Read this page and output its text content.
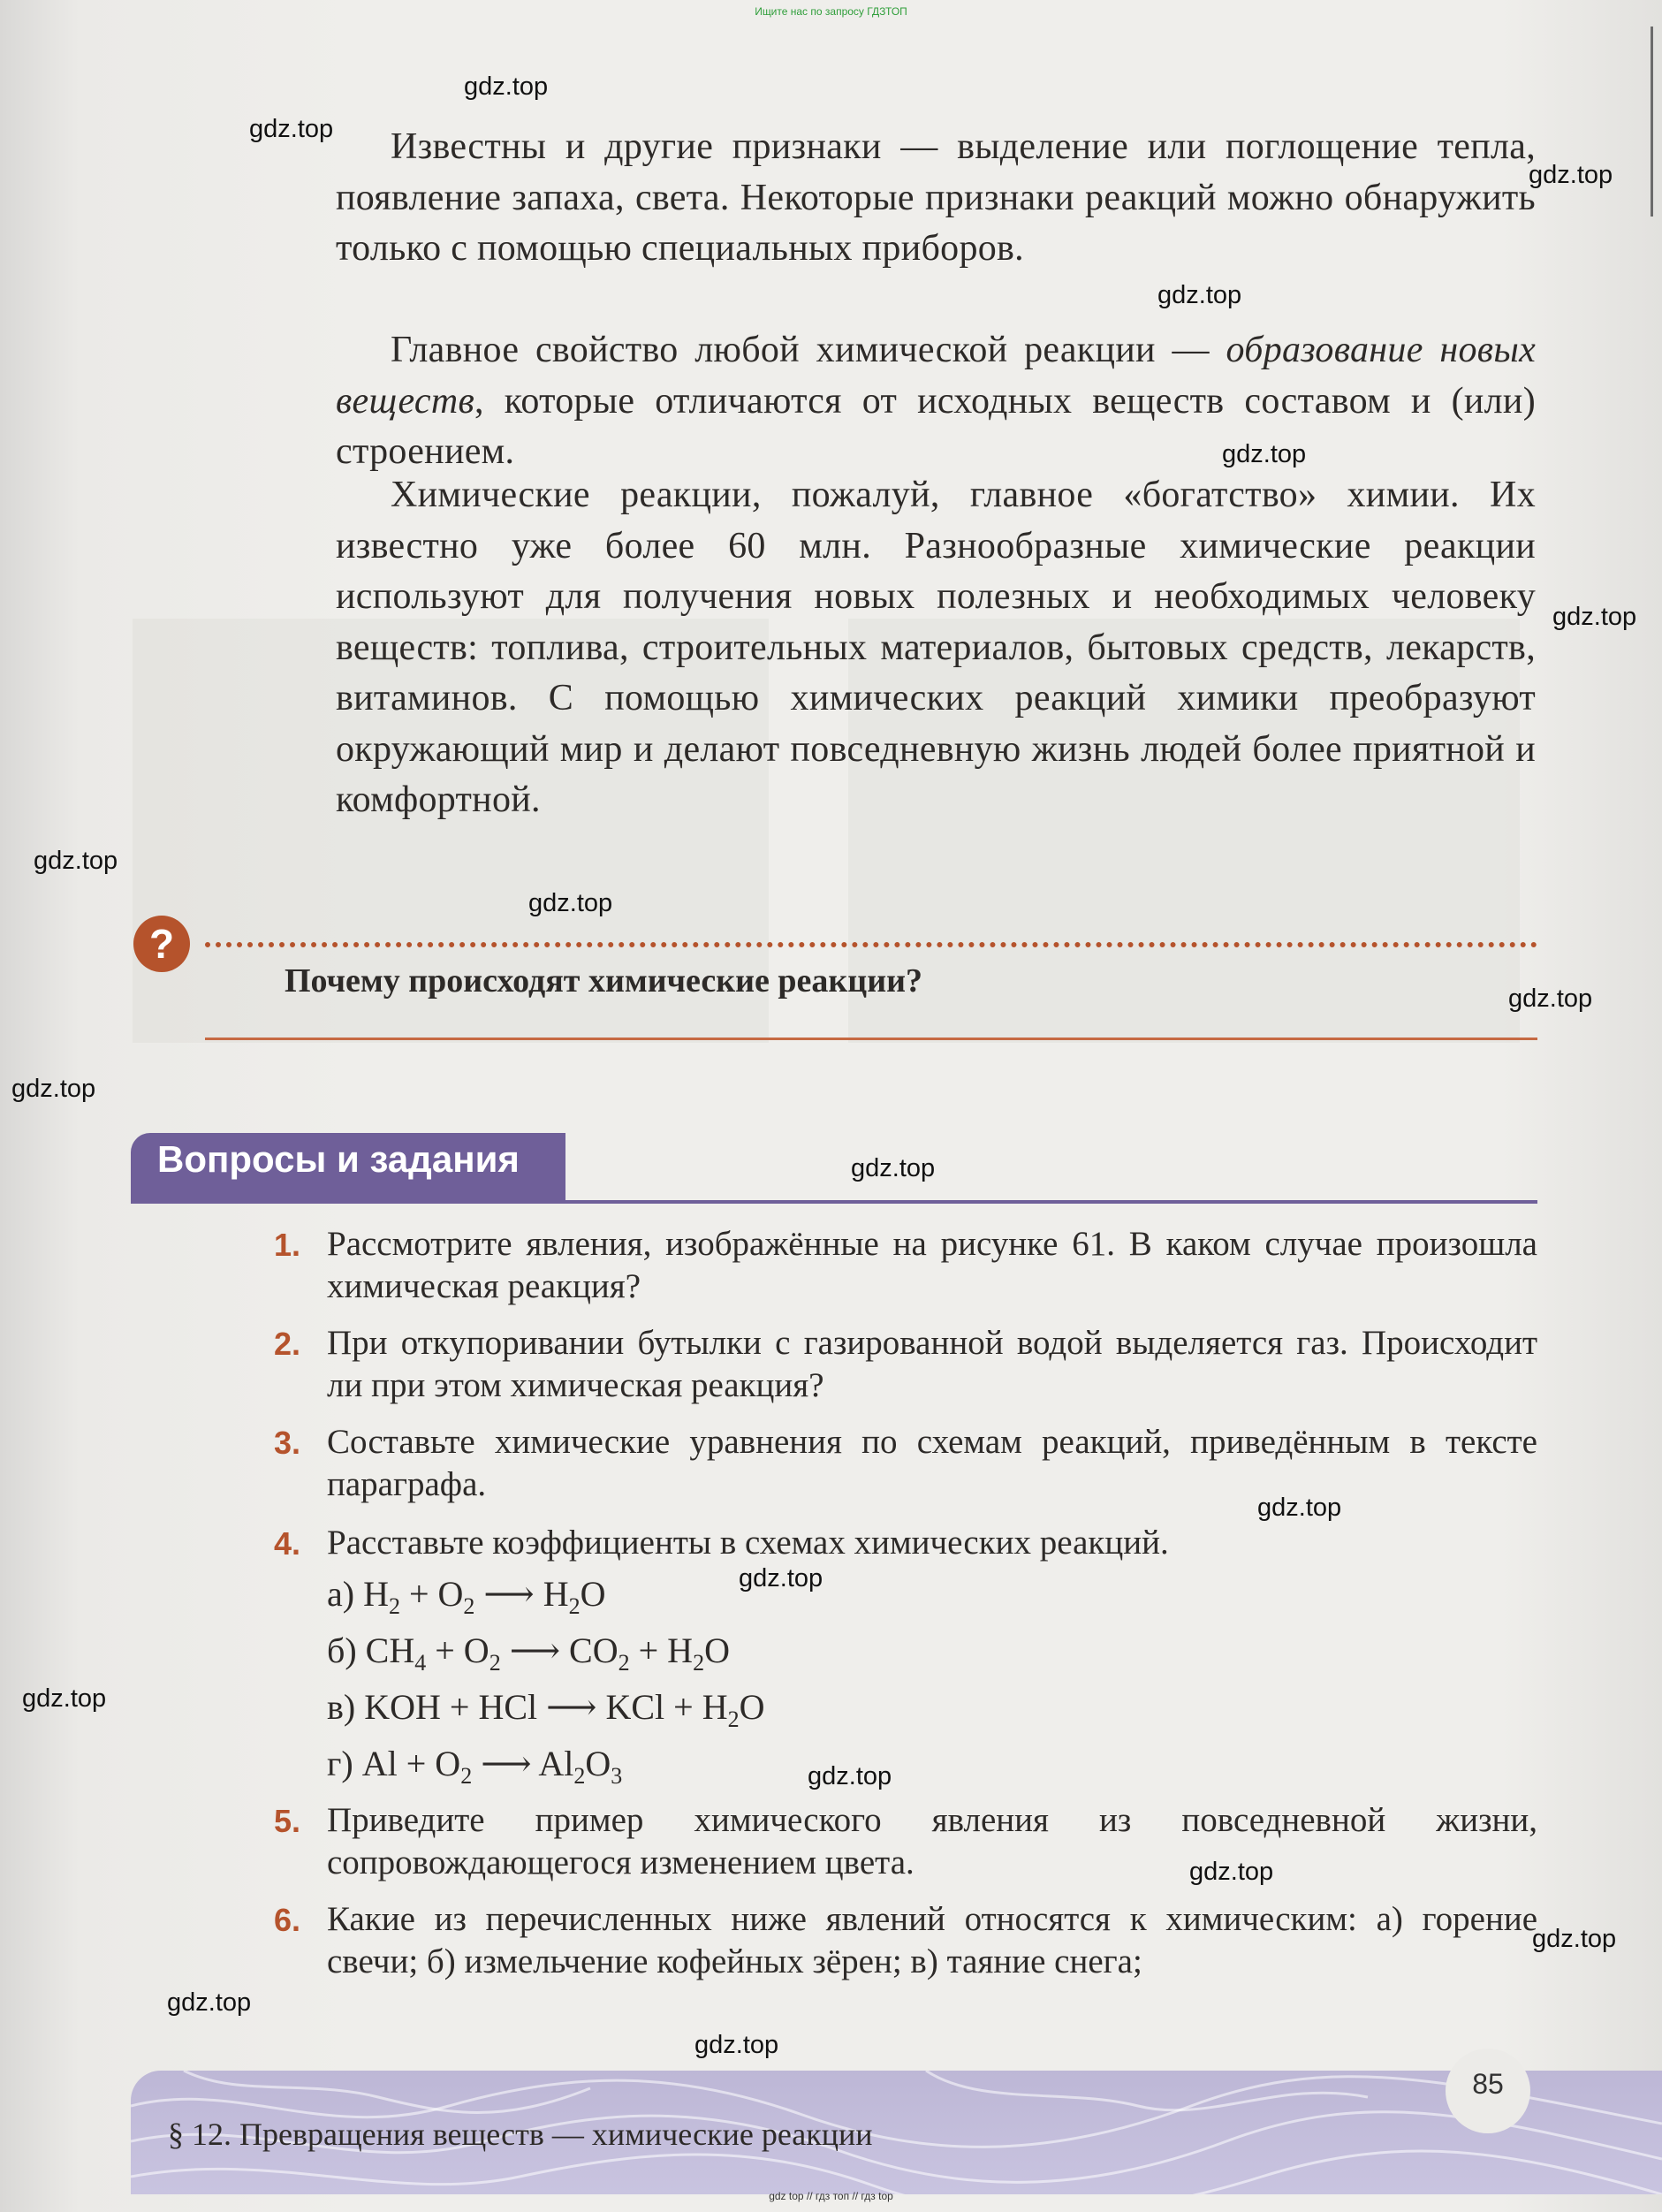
Ищите нас по запросу ГДЗТОП

Известны и другие признаки — выделение или поглощение тепла, появление запаха, света. Некоторые признаки реакций можно обнаружить только с помощью специальных приборов.

Главное свойство любой химической реакции — образование новых веществ, которые отличаются от исходных веществ составом и (или) строением.

Химические реакции, пожалуй, главное «богатство» химии. Их известно уже более 60 млн. Разнообразные химические реакции используют для получения новых полезных и необходимых человеку веществ: топлива, строительных материалов, бытовых средств, лекарств, витаминов. С помощью химических реакций химики преобразуют окружающий мир и делают повседневную жизнь людей более приятной и комфортной.

?
Почему происходят химические реакции?
Вопросы и задания
1. Рассмотрите явления, изображённые на рисунке 61. В каком случае произошла химическая реакция?

2. При откупоривании бутылки с газированной водой выделяется газ. Происходит ли при этом химическая реакция?

3. Составьте химические уравнения по схемам реакций, приведённым в тексте параграфа.

4. Расставьте коэффициенты в схемах химических реакций.

а) $H_2 + O_2$ ⟶ $H_2O$
б) $CH_4 + O_2$ ⟶ $CO_2 + H_2O$
в) KOH + HCl ⟶ KCl + $H_2O$
г) $Al + O_2$ ⟶ $Al_2O_3$
5. Приведите пример химического явления из повседневной жизни, сопровождающегося изменением цвета.

6. Какие из перечисленных ниже явлений относятся к химическим: а) горение свечи; б) измельчение кофейных зёрен; в) таяние снега;

85
§ 12. Превращения веществ — химические реакции
gdz.top
gdz.top
gdz.top
gdz.top
gdz.top
gdz.top
gdz.top
gdz.top
gdz.top
gdz.top
gdz.top
gdz.top
gdz.top
gdz.top
gdz.top
gdz.top
gdz.top
gdz.top
gdz.top
gdz top // гдз топ // гдз top
